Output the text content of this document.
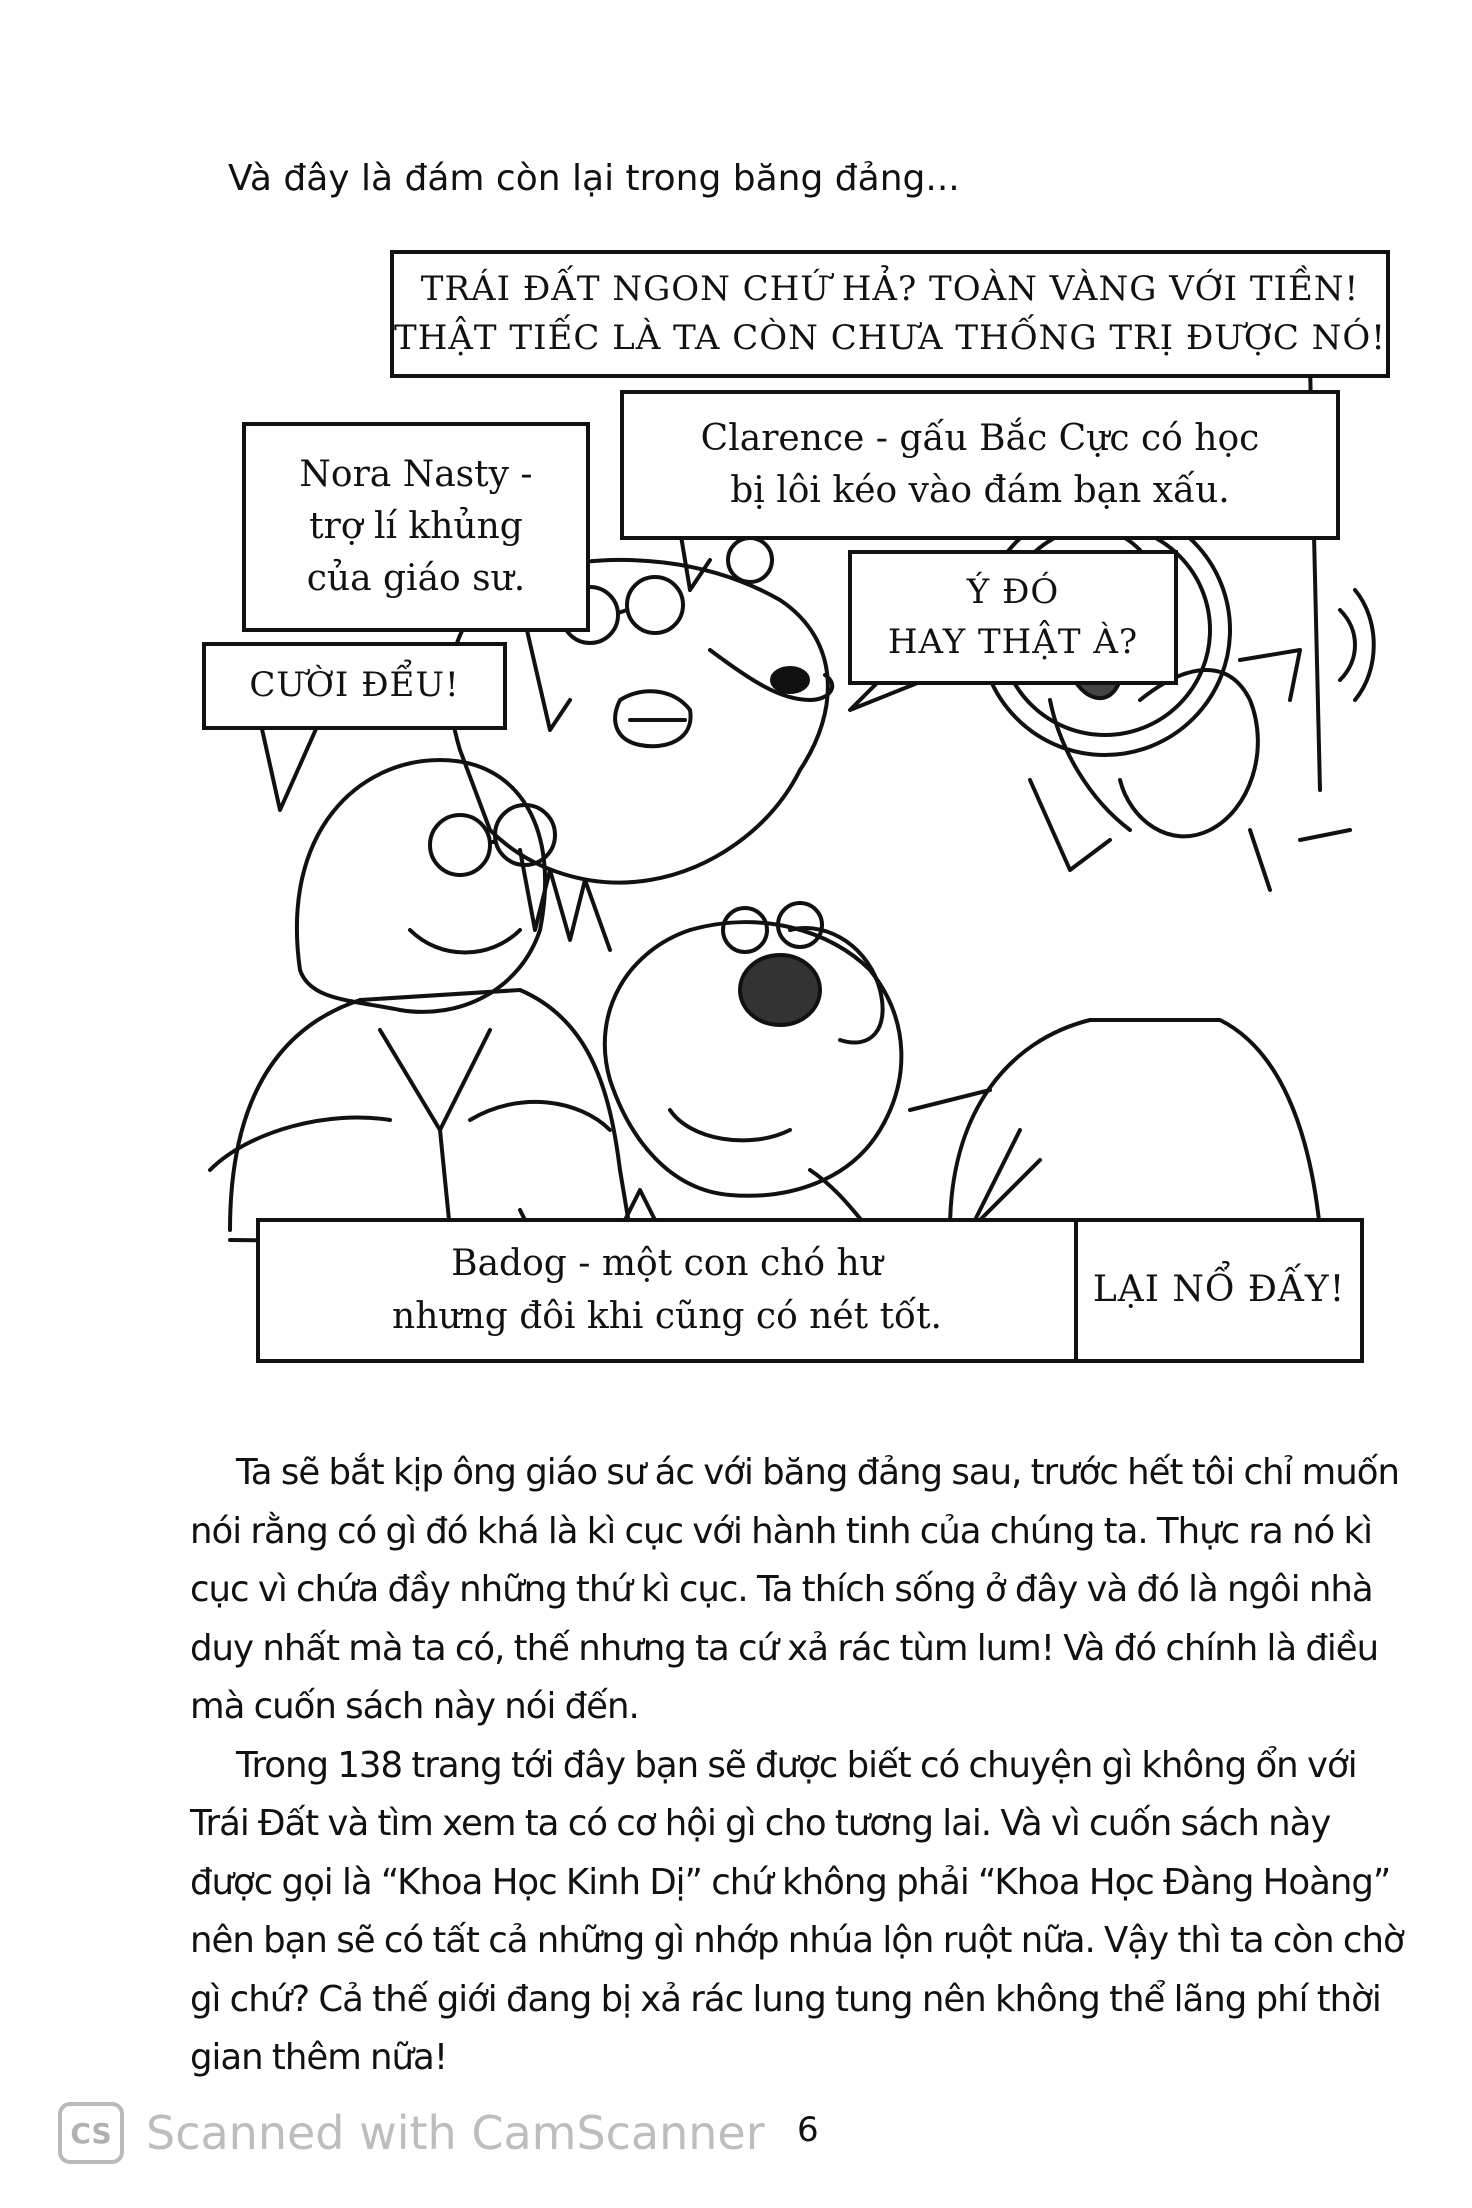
Và đây là đám còn lại trong băng đảng...
TRÁI ĐẤT NGON CHỨ HẢ? TOÀN VÀNG VỚI TIỀN!
THẬT TIẾC LÀ TA CÒN CHƯA THỐNG TRỊ ĐƯỢC NÓ!
Nora Nasty -
trợ lí khủng
của giáo sư.
Clarence - gấu Bắc Cực có học
bị lôi kéo vào đám bạn xấu.
Ý ĐÓ
HAY THẬT À?
CƯỜI ĐỂU!
Badog - một con chó hư
nhưng đôi khi cũng có nét tốt.
LẠI NỔ ĐẤY!

Ta sẽ bắt kịp ông giáo sư ác với băng đảng sau, trước hết tôi chỉ muốn nói rằng có gì đó khá là kì cục với hành tinh của chúng ta. Thực ra nó kì cục vì chứa đầy những thứ kì cục. Ta thích sống ở đây và đó là ngôi nhà duy nhất mà ta có, thế nhưng ta cứ xả rác tùm lum! Và đó chính là điều mà cuốn sách này nói đến.

Trong 138 trang tới đây bạn sẽ được biết có chuyện gì không ổn với Trái Đất và tìm xem ta có cơ hội gì cho tương lai. Và vì cuốn sách này được gọi là “Khoa Học Kinh Dị” chứ không phải “Khoa Học Đàng Hoàng” nên bạn sẽ có tất cả những gì nhớp nhúa lộn ruột nữa. Vậy thì ta còn chờ gì chứ? Cả thế giới đang bị xả rác lung tung nên không thể lãng phí thời gian thêm nữa!

CS Scanned with CamScanner 6
